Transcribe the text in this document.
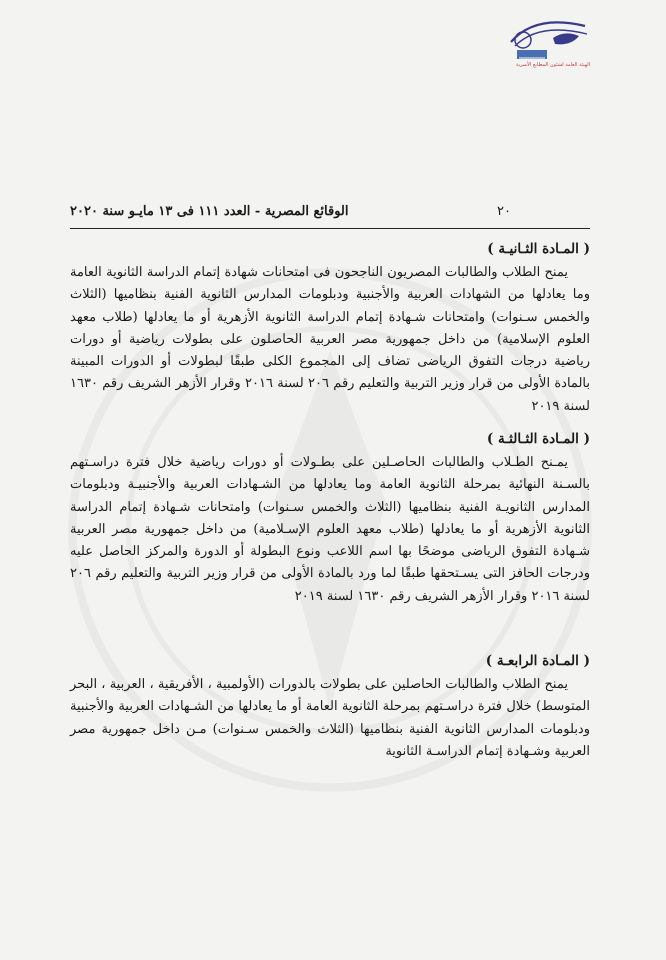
الهيئة العامة لشئون المطابع الأميرية
٢٠
الوقائع المصرية - العدد ١١١ فى ١٣ مايـو سنة ٢٠٢٠
( المـادة الثـانيـة )
يمنح الطلاب والطالبات المصريون الناجحون فى امتحانات شهادة إتمام الدراسة الثانوية العامة وما يعادلها من الشهادات العربية والأجنبية ودبلومات المدارس الثانوية الفنية بنظاميها (الثلاث والخمس سـنوات) وامتحانات شـهادة إتمام الدراسة الثانوية الأزهرية أو ما يعادلها (طلاب معهد العلوم الإسلامية) من داخل جمهورية مصر العربية الحاصلون على بطولات رياضية أو دورات رياضية درجات التفوق الرياضى تضاف إلى المجموع الكلى طبقًا لبطولات أو الدورات المبينة بالمادة الأولى من قرار وزير التربية والتعليم رقم ٢٠٦ لسنة ٢٠١٦ وقرار الأزهر الشريف رقم ١٦٣٠ لسنة ٢٠١٩
( المـادة الثـالثـة )
يمـنح الطـلاب والطالبات الحاصـلين على بطـولات أو دورات رياضية خلال فترة دراسـتهم بالسـنة النهائية بمرحلة الثانوية العامة وما يعادلها من الشـهادات العربية والأجنبيـة ودبلومات المدارس الثانويـة الفنية بنظاميها (الثلاث والخمس سـنوات) وامتحانات شـهادة إتمام الدراسة الثانوية الأزهرية أو ما يعادلها (طلاب معهد العلوم الإسـلامية) من داخل جمهورية مصر العربية شـهادة التفوق الرياضى موضحًا بها اسم اللاعب ونوع البطولة أو الدورة والمركز الحاصل عليه ودرجات الحافز التى يسـتحقها طبقًا لما ورد بالمادة الأولى من قرار وزير التربية والتعليم رقم ٢٠٦ لسنة ٢٠١٦ وقرار الأزهر الشريف رقم ١٦٣٠ لسنة ٢٠١٩
( المـادة الرابعـة )
يمنح الطلاب والطالبات الحاصلين على بطولات بالدورات (الأولمبية ، الأفريقية ، العربية ، البحر المتوسط) خلال فترة دراسـتهم بمرحلة الثانوية العامة أو ما يعادلها من الشـهادات العربية والأجنبية ودبلومات المدارس الثانوية الفنية بنظاميها (الثلاث والخمس سـنوات) مـن داخل جمهورية مصر العربية وشـهادة إتمام الدراسـة الثانوية
